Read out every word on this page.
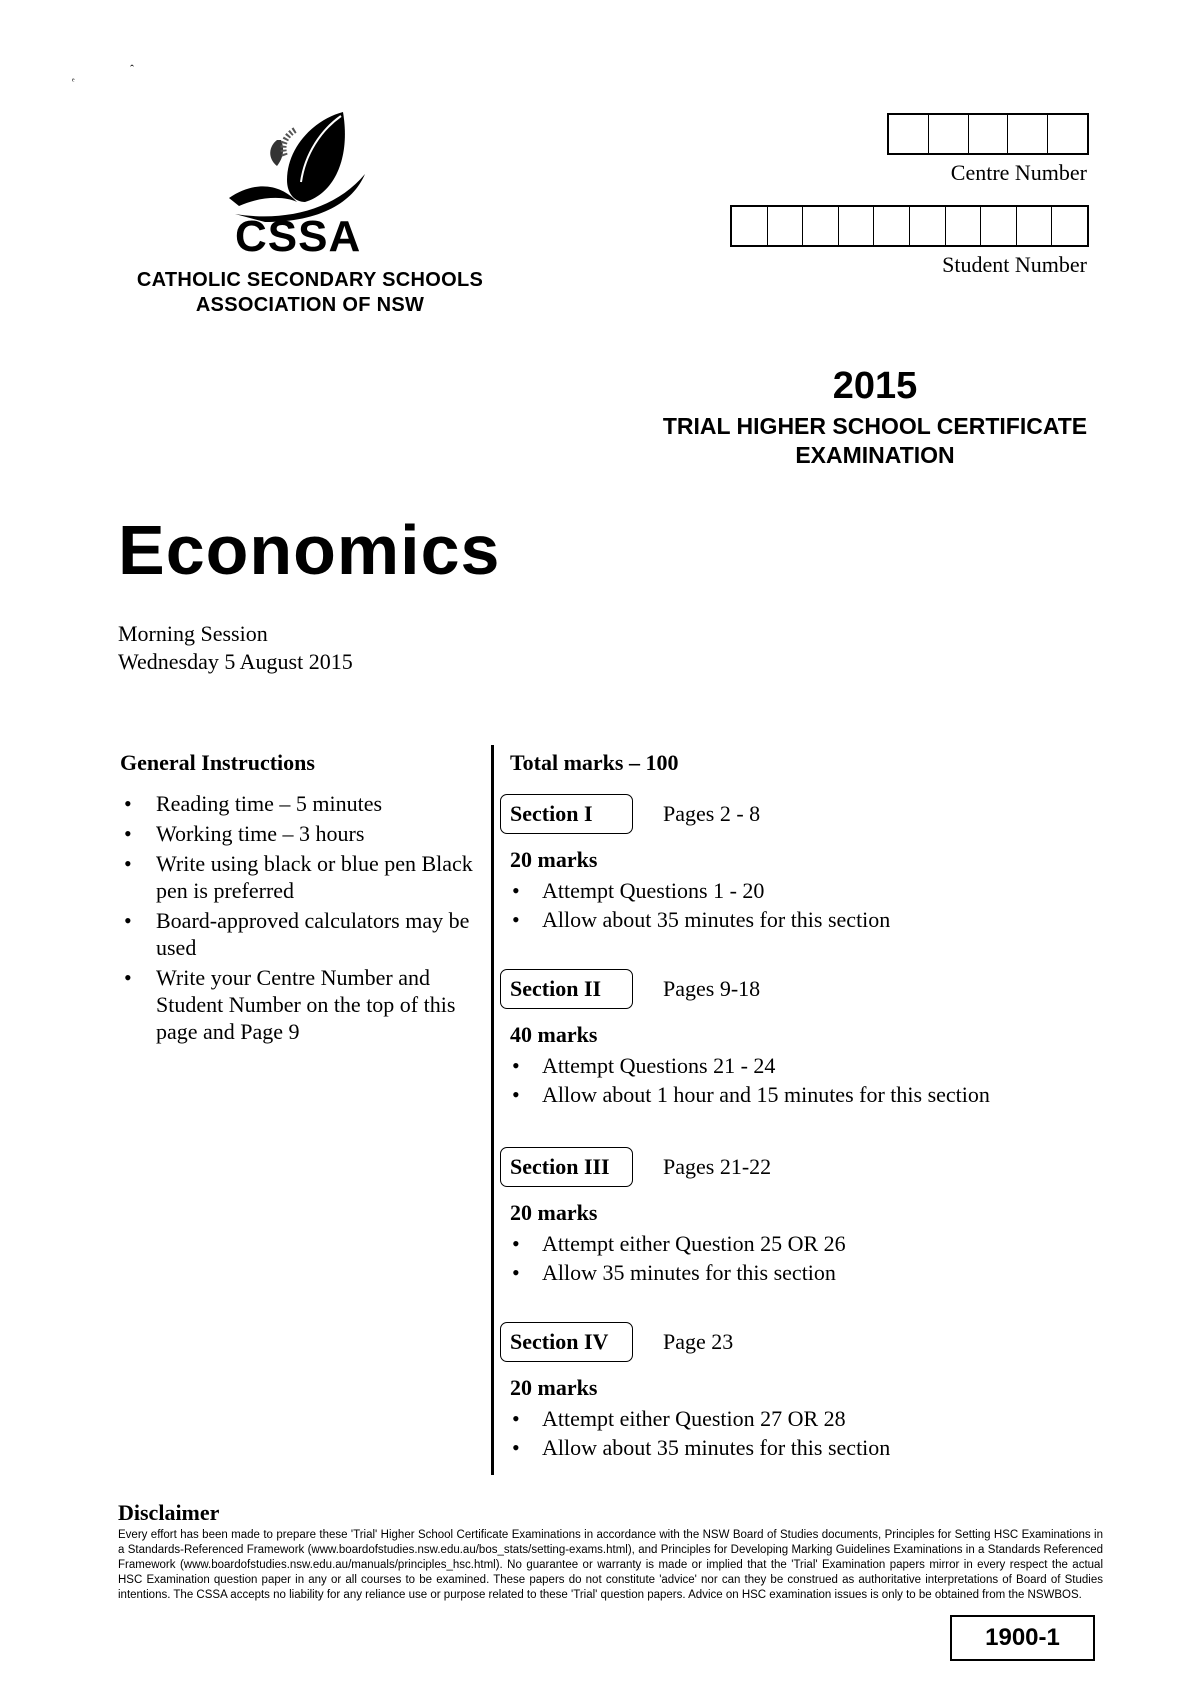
ᵉ
ˆ
CSSA
CATHOLIC SECONDARY SCHOOLS
ASSOCIATION OF NSW
Centre Number
Student Number
2015
TRIAL HIGHER SCHOOL CERTIFICATE
EXAMINATION
Economics
Morning Session
Wednesday 5 August 2015
General Instructions
• Reading time – 5 minutes
• Working time – 3 hours
• Write using black or blue pen Black pen is preferred
• Board-approved calculators may be used
• Write your Centre Number and Student Number on the top of this page and Page 9
Total marks – 100
Section I	Pages 2 - 8
20 marks
• Attempt Questions 1 - 20
• Allow about 35 minutes for this section
Section II	Pages 9-18
40 marks
• Attempt Questions 21 - 24
• Allow about 1 hour and 15 minutes for this section
Section III	Pages 21-22
20 marks
• Attempt either Question 25 OR 26
• Allow 35 minutes for this section
Section IV	Page 23
20 marks
• Attempt either Question 27 OR 28
• Allow about 35 minutes for this section
Disclaimer
Every effort has been made to prepare these 'Trial' Higher School Certificate Examinations in accordance with the NSW Board of Studies documents, Principles for Setting HSC Examinations in a Standards-Referenced Framework (www.boardofstudies.nsw.edu.au/bos_stats/setting-exams.html), and Principles for Developing Marking Guidelines Examinations in a Standards Referenced Framework (www.boardofstudies.nsw.edu.au/manuals/principles_hsc.html). No guarantee or warranty is made or implied that the 'Trial' Examination papers mirror in every respect the actual HSC Examination question paper in any or all courses to be examined. These papers do not constitute 'advice' nor can they be construed as authoritative interpretations of Board of Studies intentions. The CSSA accepts no liability for any reliance use or purpose related to these 'Trial' question papers. Advice on HSC examination issues is only to be obtained from the NSWBOS.
1900-1
